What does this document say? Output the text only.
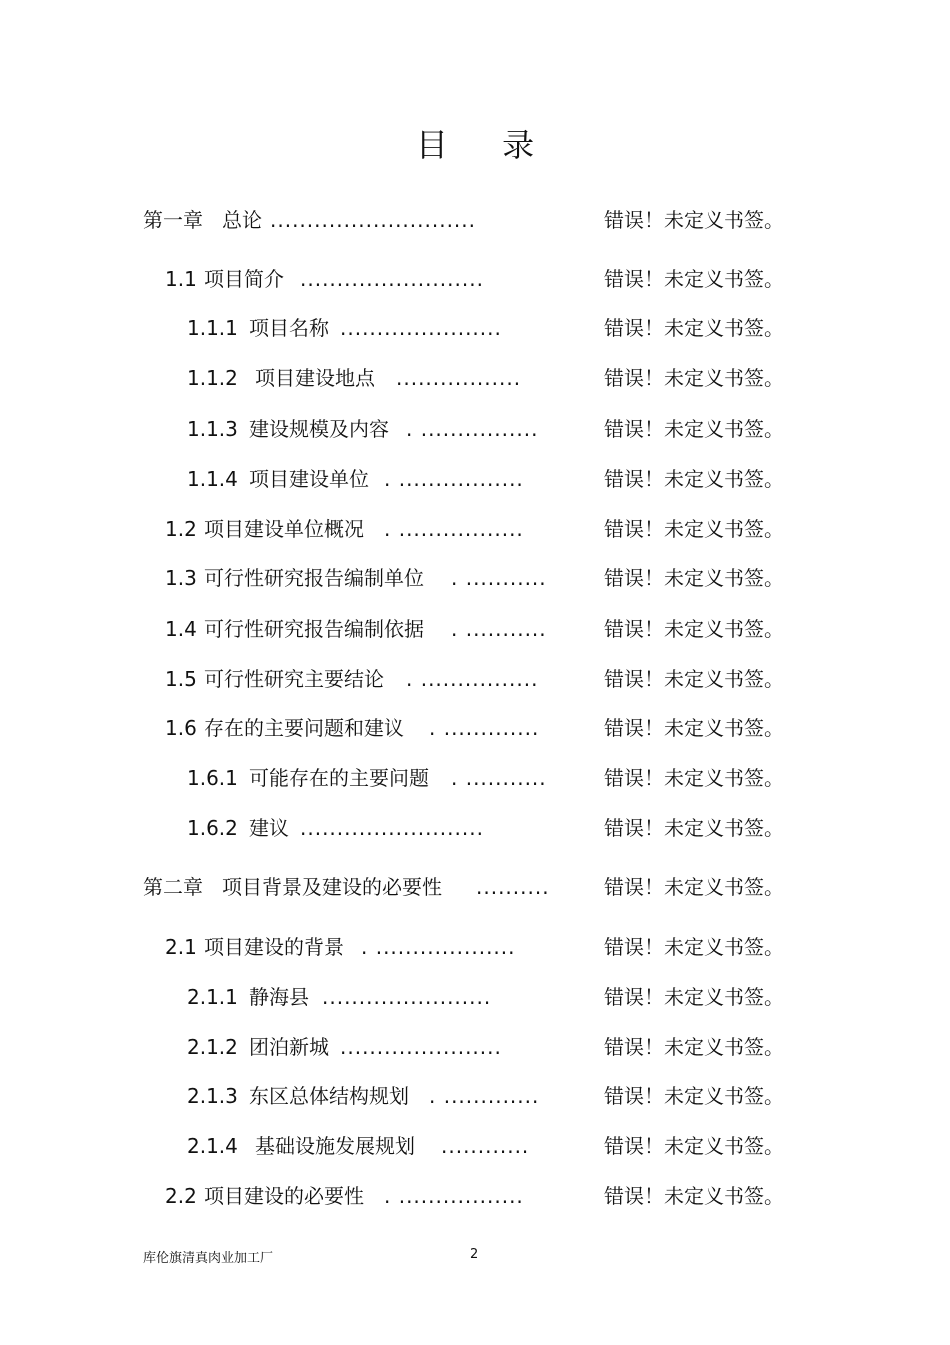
目 录
第一章 总论 ............................	错误！未定义书签。
1.1 项目简介 .........................	错误！未定义书签。
1.1.1 项目名称 ......................	错误！未定义书签。
1.1.2 项目建设地点 .................	错误！未定义书签。
1.1.3 建设规模及内容 . ................	错误！未定义书签。
1.1.4 项目建设单位 . .................	错误！未定义书签。
1.2 项目建设单位概况 . .................	错误！未定义书签。
1.3 可行性研究报告编制单位 . ...........	错误！未定义书签。
1.4 可行性研究报告编制依据 . ...........	错误！未定义书签。
1.5 可行性研究主要结论 . ................	错误！未定义书签。
1.6 存在的主要问题和建议 . .............	错误！未定义书签。
1.6.1 可能存在的主要问题 . ...........	错误！未定义书签。
1.6.2 建议 .........................	错误！未定义书签。
第二章 项目背景及建设的必要性 ..........	错误！未定义书签。
2.1 项目建设的背景 . ...................	错误！未定义书签。
2.1.1 静海县 .......................	错误！未定义书签。
2.1.2 团泊新城 ......................	错误！未定义书签。
2.1.3 东区总体结构规划 . .............	错误！未定义书签。
2.1.4 基础设施发展规划 ............	错误！未定义书签。
2.2 项目建设的必要性 . .................	错误！未定义书签。
库伦旗清真肉业加工厂	2
